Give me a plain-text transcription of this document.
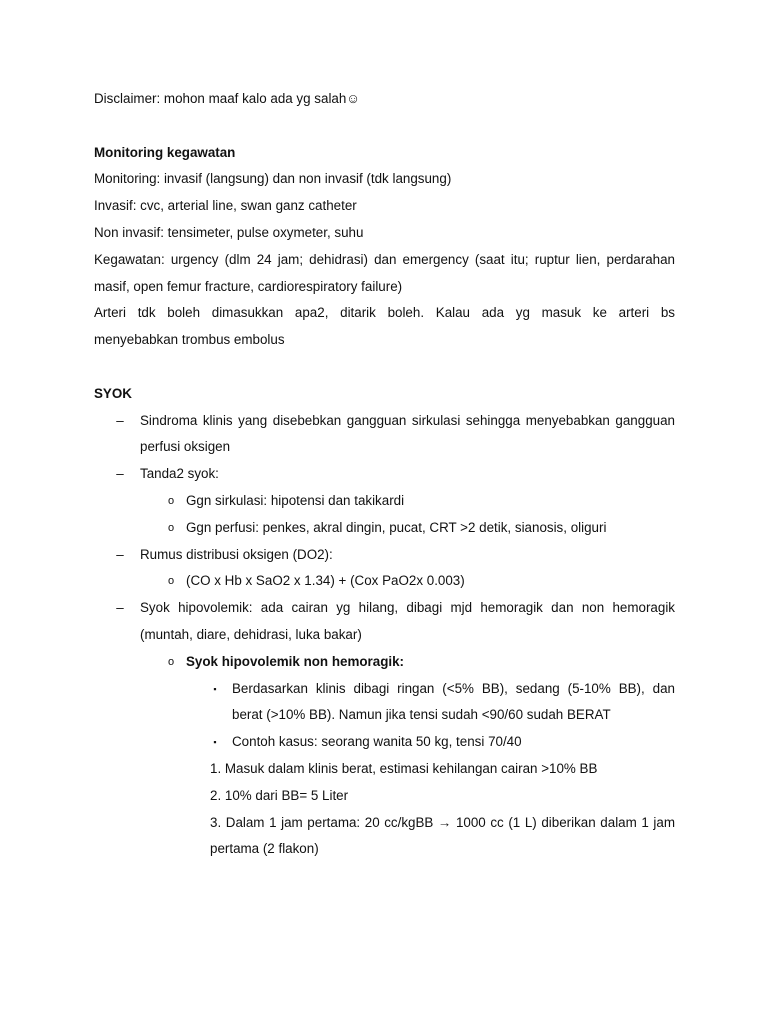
Disclaimer: mohon maaf kalo ada yg salah☺
Monitoring kegawatan
Monitoring: invasif (langsung) dan non invasif (tdk langsung)
Invasif: cvc, arterial line, swan ganz catheter
Non invasif: tensimeter, pulse oxymeter, suhu
Kegawatan: urgency (dlm 24 jam; dehidrasi) dan emergency (saat itu; ruptur lien, perdarahan
masif, open femur fracture, cardiorespiratory failure)
Arteri tdk boleh dimasukkan apa2, ditarik boleh. Kalau ada yg masuk ke arteri bs
menyebabkan trombus embolus
SYOK
–	Sindroma klinis yang disebebkan gangguan sirkulasi sehingga menyebabkan gangguan
perfusi oksigen
–	Tanda2 syok:
o Ggn sirkulasi: hipotensi dan takikardi
o Ggn perfusi: penkes, akral dingin, pucat, CRT >2 detik, sianosis, oliguri
–	Rumus distribusi oksigen (DO2):
o (CO x Hb x SaO2 x 1.34) + (Cox PaO2x 0.003)
–	Syok hipovolemik: ada cairan yg hilang, dibagi mjd hemoragik dan non hemoragik
(muntah, diare, dehidrasi, luka bakar)
o Syok hipovolemik non hemoragik:
▪	Berdasarkan klinis dibagi ringan (<5% BB), sedang (5-10% BB), dan
berat (>10% BB). Namun jika tensi sudah <90/60 sudah BERAT
▪	Contoh kasus: seorang wanita 50 kg, tensi 70/40
1. Masuk dalam klinis berat, estimasi kehilangan cairan >10% BB
2. 10% dari BB= 5 Liter
3. Dalam 1 jam pertama: 20 cc/kgBB → 1000 cc (1 L) diberikan dalam 1 jam
pertama (2 flakon)
